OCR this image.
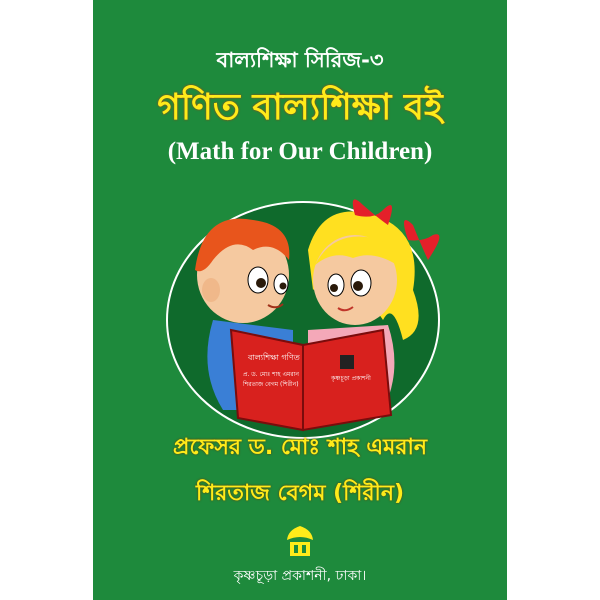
বাল্যশিক্ষা সিরিজ-৩
গণিত বাল্যশিক্ষা বই
(Math for Our Children)
বাল্যশিক্ষা গণিত
প্র. ড. মোঃ শাহ এমরান
শিরতাজ বেগম (শিরীন)
কৃষ্ণচূড়া প্রকাশনী
প্রফেসর ড. মোঃ শাহ এমরান
শিরতাজ বেগম (শিরীন)
কৃষ্ণচূড়া প্রকাশনী, ঢাকা।
